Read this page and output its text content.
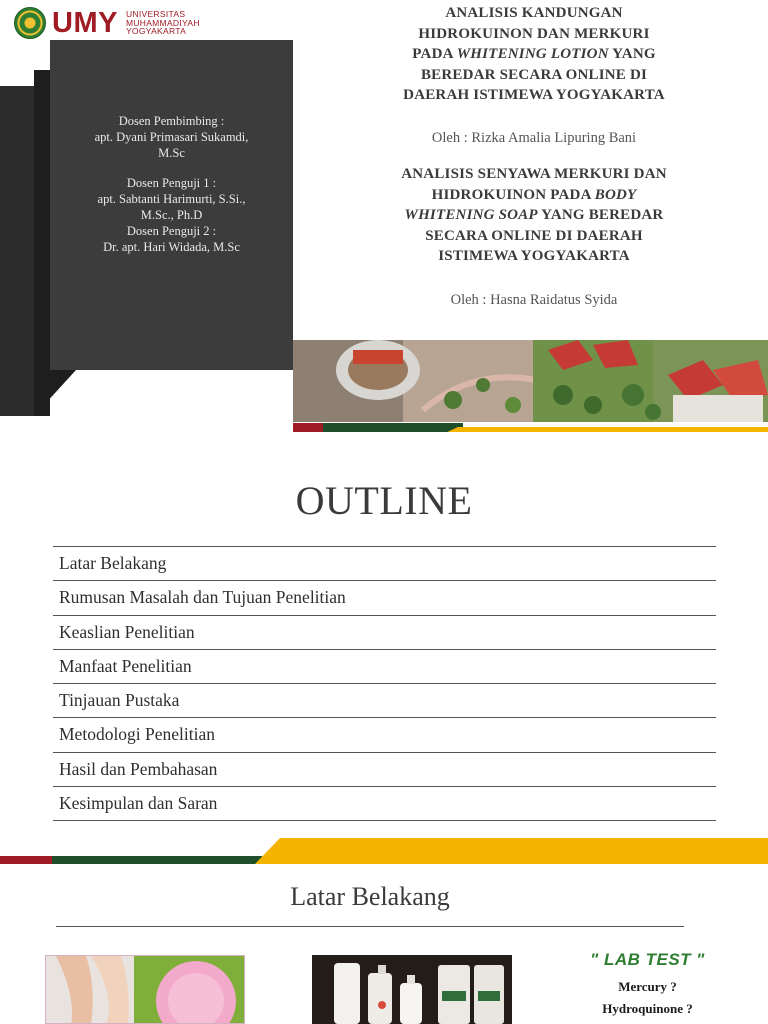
UMY UNIVERSITAS
MUHAMMADIYAH
YOGYAKARTA
Dosen Pembimbing :
apt. Dyani Primasari Sukamdi,
M.Sc
Dosen Penguji 1 :
apt. Sabtanti Harimurti, S.Si.,
M.Sc., Ph.D
Dosen Penguji 2 :
Dr. apt. Hari Widada, M.Sc
ANALISIS KANDUNGAN
HIDROKUINON DAN MERKURI
PADA WHITENING LOTION YANG
BEREDAR SECARA ONLINE DI
DAERAH ISTIMEWA YOGYAKARTA
Oleh : Rizka Amalia Lipuring Bani
ANALISIS SENYAWA MERKURI DAN
HIDROKUINON PADA BODY
WHITENING SOAP YANG BEREDAR
SECARA ONLINE DI DAERAH
ISTIMEWA YOGYAKARTA
Oleh : Hasna Raidatus Syida
OUTLINE
Latar Belakang
Rumusan Masalah dan Tujuan Penelitian
Keaslian Penelitian
Manfaat Penelitian
Tinjauan Pustaka
Metodologi Penelitian
Hasil dan Pembahasan
Kesimpulan dan Saran
Latar Belakang
" LAB TEST "
Mercury ?
Hydroquinone ?
